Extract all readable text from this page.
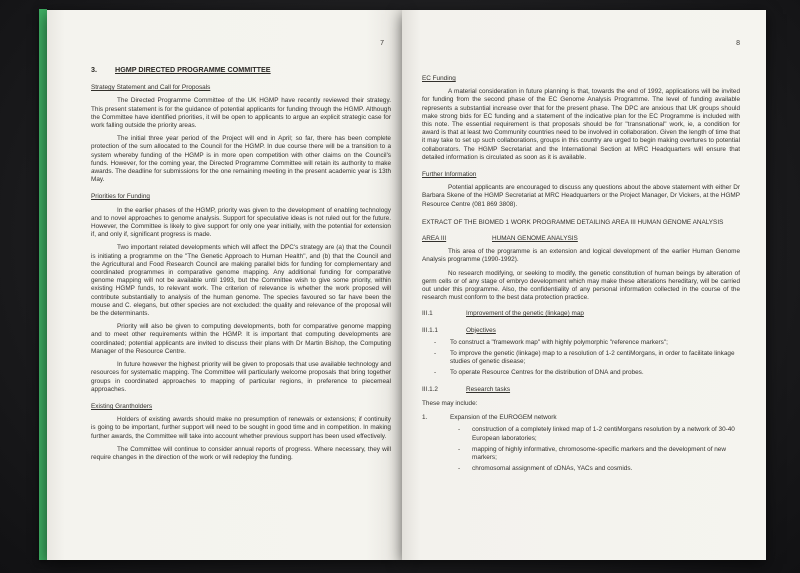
7
3.	HGMP DIRECTED PROGRAMME COMMITTEE
Strategy Statement and Call for Proposals

The Directed Programme Committee of the UK HGMP have recently reviewed their strategy. This present statement is for the guidance of potential applicants for funding through the HGMP. Although the Committee have identified priorities, it will be open to applicants to argue an explicit strategic case for work falling outside the priority areas.

The initial three year period of the Project will end in April; so far, there has been complete protection of the sum allocated to the Council for the HGMP. In due course there will be a transition to a system whereby funding of the HGMP is in more open competition with other claims on the Council's funds. However, for the coming year, the Directed Programme Committee will retain its authority to make awards. The deadline for submissions for the one remaining meeting in the present academic year is 13th May.

Priorities for Funding

In the earlier phases of the HGMP, priority was given to the development of enabling technology and to novel approaches to genome analysis. Support for speculative ideas is not ruled out for the future. However, the Committee is likely to give support for only one year initially, with the potential for extension if, and only if, significant progress is made.

Two important related developments which will affect the DPC's strategy are (a) that the Council is initiating a programme on the "The Genetic Approach to Human Health", and (b) that the Council and the Agricultural and Food Research Council are making parallel bids for funding for complementary and coordinated programmes in comparative genome mapping. Any additional funding for comparative genome mapping will not be available until 1993, but the Committee wish to give some priority, within existing HGMP funds, to relevant work. The criterion of relevance is whether the work proposed will contribute substantially to analysis of the human genome. The species favoured so far have been the mouse and C. elegans, but other species are not excluded: the quality and relevance of the proposal will be the determinants.

Priority will also be given to computing developments, both for comparative genome mapping and to meet other requirements within the HGMP. It is important that computing developments are coordinated; potential applicants are invited to discuss their plans with Dr Martin Bishop, the Computing Manager of the Resource Centre.

In future however the highest priority will be given to proposals that use available technology and resources for systematic mapping. The Committee will particularly welcome proposals that bring together groups in coordinated approaches to mapping of particular regions, in preference to piecemeal approaches.

Existing Grantholders

Holders of existing awards should make no presumption of renewals or extensions; if continuity is going to be important, further support will need to be sought in good time and in competition. In making further awards, the Committee will take into account whether previous support has been used effectively.

The Committee will continue to consider annual reports of progress. Where necessary, they will require changes in the direction of the work or will redeploy the funding.

8
EC Funding

A material consideration in future planning is that, towards the end of 1992, applications will be invited for funding from the second phase of the EC Genome Analysis Programme. The level of funding available represents a substantial increase over that for the present phase. The DPC are anxious that UK groups should make strong bids for EC funding and a statement of the indicative plan for the EC Programme is included with this note. The essential requirement is that proposals should be for "transnational" work, ie, a condition for award is that at least two Community countries need to be involved in collaboration. Given the length of time that it may take to set up such collaborations, groups in this country are urged to begin making overtures to potential collaborators. The HGMP Secretariat and the International Section at MRC Headquarters will ensure that detailed information is circulated as soon as it is available.

Further Information

Potential applicants are encouraged to discuss any questions about the above statement with either Dr Barbara Skene of the HGMP Secretariat at MRC Headquarters or the Project Manager, Dr Vickers, at the HGMP Resource Centre (081 869 3808).

EXTRACT OF THE BIOMED 1 WORK PROGRAMME DETAILING AREA III HUMAN GENOME ANALYSIS
AREA III	HUMAN GENOME ANALYSIS

This area of the programme is an extension and logical development of the earlier Human Genome Analysis programme (1990-1992).

No research modifying, or seeking to modify, the genetic constitution of human beings by alteration of germ cells or of any stage of embryo development which may make these alterations hereditary, will be carried out under this programme. Also, the confidentiality of any personal information collected in the course of the research must conform to the best data protection practice.

III.1	Improvement of the genetic (linkage) map
III.1.1	Objectives
-	To construct a "framework map" with highly polymorphic "reference markers";
-	To improve the genetic (linkage) map to a resolution of 1-2 centiMorgans, in order to facilitate linkage studies of genetic disease;
-	To operate Resource Centres for the distribution of DNA and probes.
III.1.2	Research tasks
These may include:
1.	Expansion of the EUROGEM network
-	construction of a completely linked map of 1-2 centiMorgans resolution by a network of 30-40 European laboratories;
-	mapping of highly informative, chromosome-specific markers and the development of new markers;
-	chromosomal assignment of cDNAs, YACs and cosmids.
